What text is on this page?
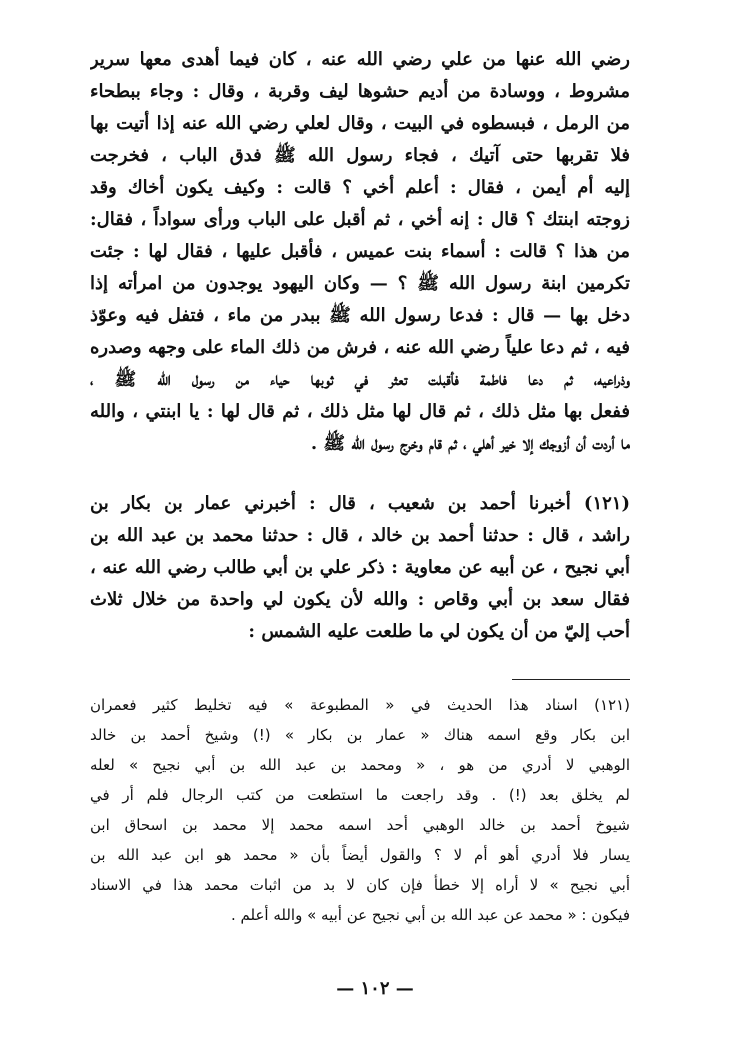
رضي الله عنها من علي رضي الله عنه ، كان فيما أهدى معها سرير
مشروط ، ووسادة من أديم حشوها ليف وقربة ، وقال : وجاء ببطحاء
من الرمل ، فبسطوه في البيت ، وقال لعلي رضي الله عنه إذا أتيت بها
فلا تقربها حتى آتيك ، فجاء رسول الله ﷺ فدق الباب ، فخرجت
إليه أم أيمن ، فقال : أعلم أخي ؟ قالت : وكيف يكون أخاك وقد
زوجته ابنتك ؟ قال : إنه أخي ، ثم أقبل على الباب ورأى سواداً ، فقال:
من هذا ؟ قالت : أسماء بنت عميس ، فأقبل عليها ، فقال لها : جئت
تكرمين ابنة رسول الله ﷺ ؟ — وكان اليهود يوجدون من امرأته إذا
دخل بها — قال : فدعا رسول الله ﷺ ببدر من ماء ، فتفل فيه وعوّذ
فيه ، ثم دعا علياً رضي الله عنه ، فرش من ذلك الماء على وجهه وصدره
وذراعيه، ثم دعا فاطمة فأقبلت تعثر في ثوبها حياء من رسول الله ﷺ ،
ففعل بها مثل ذلك ، ثم قال لها مثل ذلك ، ثم قال لها : يا ابنتي ، والله
ما أردت أن أزوجك إلا خير أهلي ، ثم قام وخرج رسول الله ﷺ .
(١٢١) أخبرنا أحمد بن شعيب ، قال : أخبرني عمار بن بكار بن
راشد ، قال : حدثنا أحمد بن خالد ، قال : حدثنا محمد بن عبد الله بن
أبي نجيح ، عن أبيه عن معاوية : ذكر علي بن أبي طالب رضي الله عنه ،
فقال سعد بن أبي وقاص : والله لأن يكون لي واحدة من خلال ثلاث
أحب إليّ من أن يكون لي ما طلعت عليه الشمس :
(١٢١) اسناد هذا الحديث في « المطبوعة » فيه تخليط كثير فعمران
ابن بكار وقع اسمه هناك « عمار بن بكار » (!) وشيخ أحمد بن خالد
الوهبي لا أدري من هو ، « ومحمد بن عبد الله بن أبي نجيح » لعله
لم يخلق بعد (!) . وقد راجعت ما استطعت من كتب الرجال فلم أر في
شيوخ أحمد بن خالد الوهبي أحد اسمه محمد إلا محمد بن اسحاق ابن
يسار فلا أدري أهو أم لا ؟ والقول أيضاً بأن « محمد هو ابن عبد الله بن
أبي نجيح » لا أراه إلا خطأ فإن كان لا بد من اثبات محمد هذا في الاسناد
فيكون : « محمد عن عبد الله بن أبي نجيح عن أبيه » والله أعلم .
— ١٠٢ —
